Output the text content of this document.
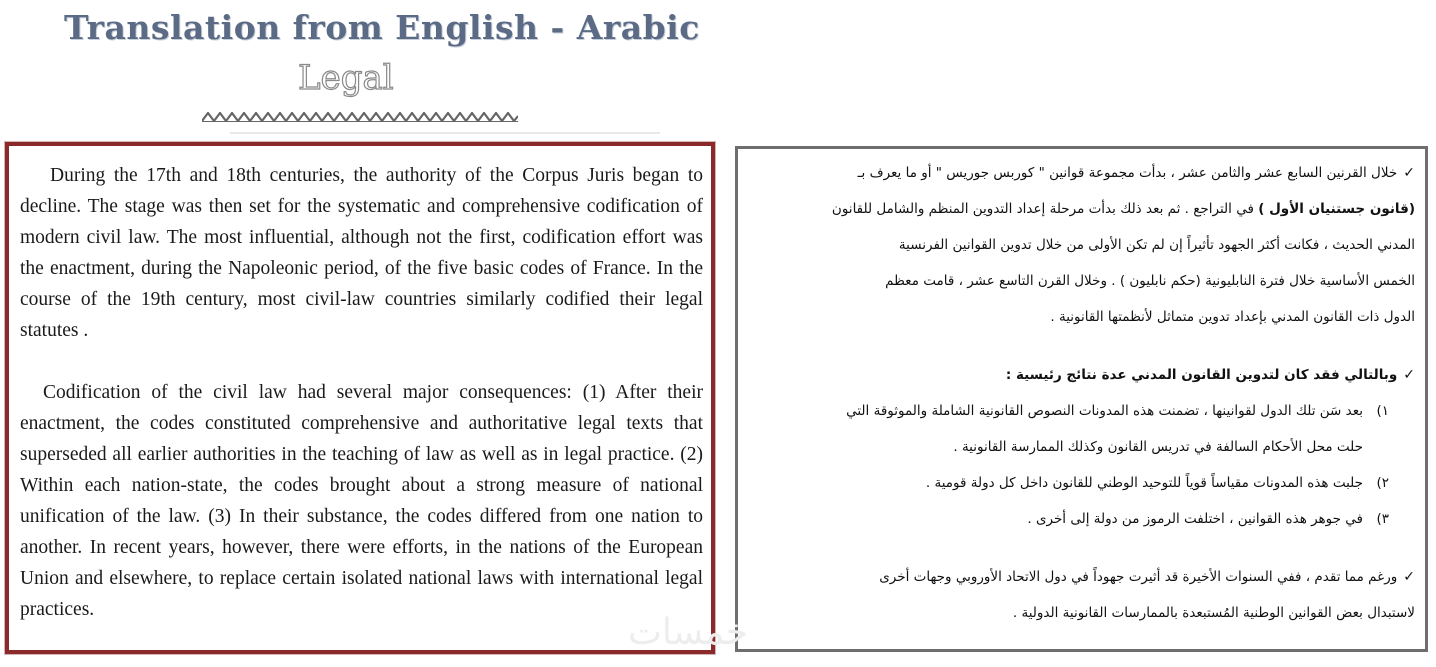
Translation from English - Arabic
Legal

During the 17th and 18th centuries, the authority of the Corpus Juris began to decline. The stage was then set for the systematic and comprehensive codification of modern civil law. The most influential, although not the first, codification effort was the enactment, during the Napoleonic period, of the five basic codes of France. In the course of the 19th century, most civil-law countries similarly codified their legal statutes .

Codification of the civil law had several major consequences: (1) After their enactment, the codes constituted comprehensive and authoritative legal texts that superseded all earlier authorities in the teaching of law as well as in legal practice. (2) Within each nation-state, the codes brought about a strong measure of national unification of the law. (3) In their substance, the codes differed from one nation to another. In recent years, however, there were efforts, in the nations of the European Union and elsewhere, to replace certain isolated national laws with international legal practices.

✓خلال القرنين السابع عشر والثامن عشر ، بدأت مجموعة قوانين " كوربس جوريس " أو ما يعرف بـ
(قانون جستنيان الأول ) في التراجع . ثم بعد ذلك بدأت مرحلة إعداد التدوين المنظم والشامل للقانون
المدني الحديث ، فكانت أكثر الجهود تأثيراً إن لم تكن الأولى من خلال تدوين القوانين الفرنسية
الخمس الأساسية خلال فترة النابليونية (حكم نابليون ) . وخلال القرن التاسع عشر ، قامت معظم
الدول ذات القانون المدني بإعداد تدوين متماثل لأنظمتها القانونية .
✓وبالتالي فقد كان لتدوين القانون المدني عدة نتائج رئيسية :
١)بعد سَن تلك الدول لقوانينها ، تضمنت هذه المدونات النصوص القانونية الشاملة والموثوقة التي
حلت محل الأحكام السالفة في تدريس القانون وكذلك الممارسة القانونية .
٢)جلبت هذه المدونات مقياساً قوياً للتوحيد الوطني للقانون داخل كل دولة قومية .
٣)في جوهر هذه القوانين ، اختلفت الرموز من دولة إلى أخرى .
✓ورغم مما تقدم ، ففي السنوات الأخيرة قد أثيرت جهوداً في دول الاتحاد الأوروبي وجهات أخرى
لاستبدال بعض القوانين الوطنية المُستبعدة بالممارسات القانونية الدولية .
خمسات
